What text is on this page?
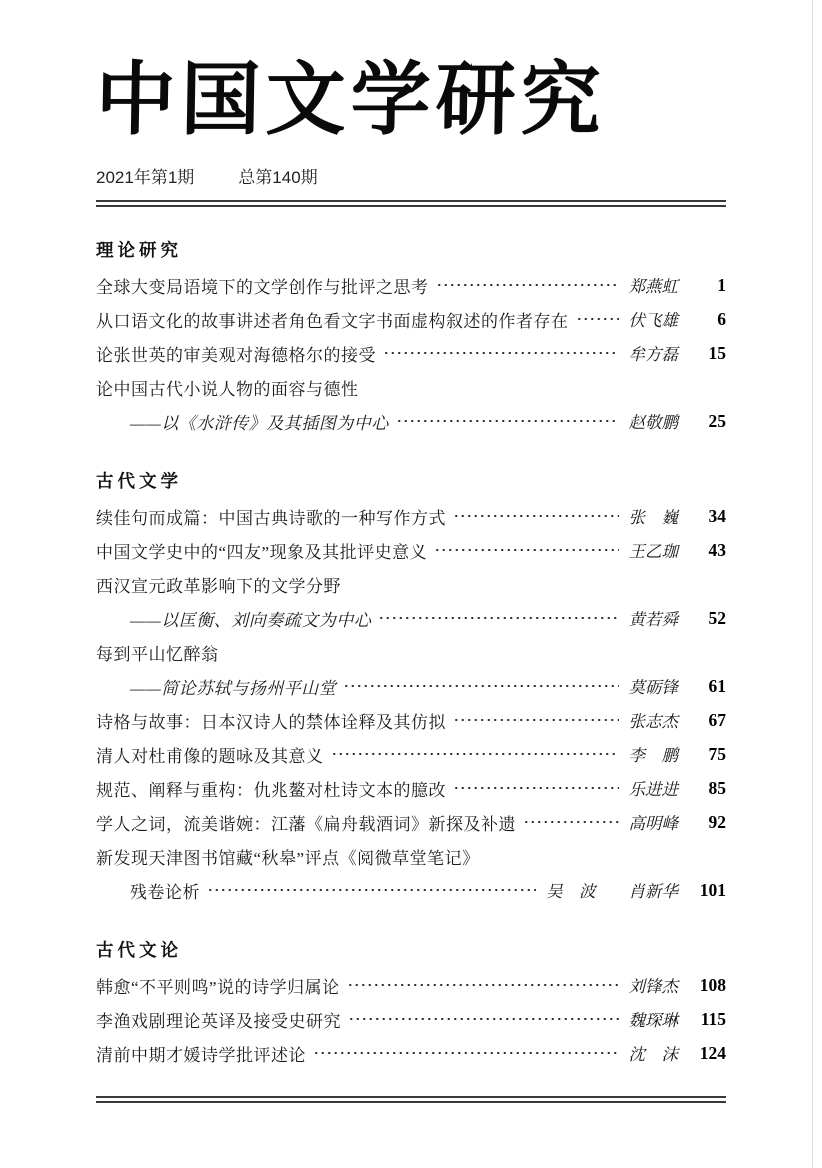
中国文学研究
2021年第1期	总第140期
理论研究
全球大变局语境下的文学创作与批评之思考	郑燕虹	1
从口语文化的故事讲述者角色看文字书面虚构叙述的作者存在	伏飞雄	6
论张世英的审美观对海德格尔的接受	牟方磊	15
论中国古代小说人物的面容与德性
——以《水浒传》及其插图为中心	赵敬鹏	25
古代文学
续佳句而成篇：中国古典诗歌的一种写作方式	张　巍	34
中国文学史中的“四友”现象及其批评史意义	王乙珈	43
西汉宣元政革影响下的文学分野
——以匡衡、刘向奏疏文为中心	黄若舜	52
每到平山忆醉翁
——简论苏轼与扬州平山堂	莫砺锋	61
诗格与故事：日本汉诗人的禁体诠释及其仿拟	张志杰	67
清人对杜甫像的题咏及其意义	李　鹏	75
规范、阐释与重构：仇兆鳌对杜诗文本的臆改	乐进进	85
学人之词，流美谐婉：江藩《扁舟载酒词》新探及补遗	高明峰	92
新发现天津图书馆藏“秋皋”评点《阅微草堂笔记》
残卷论析	吴　波　　肖新华	101
古代文论
韩愈“不平则鸣”说的诗学归属论	刘锋杰	108
李渔戏剧理论英译及接受史研究	魏琛琳	115
清前中期才媛诗学批评述论	沈　沫	124
